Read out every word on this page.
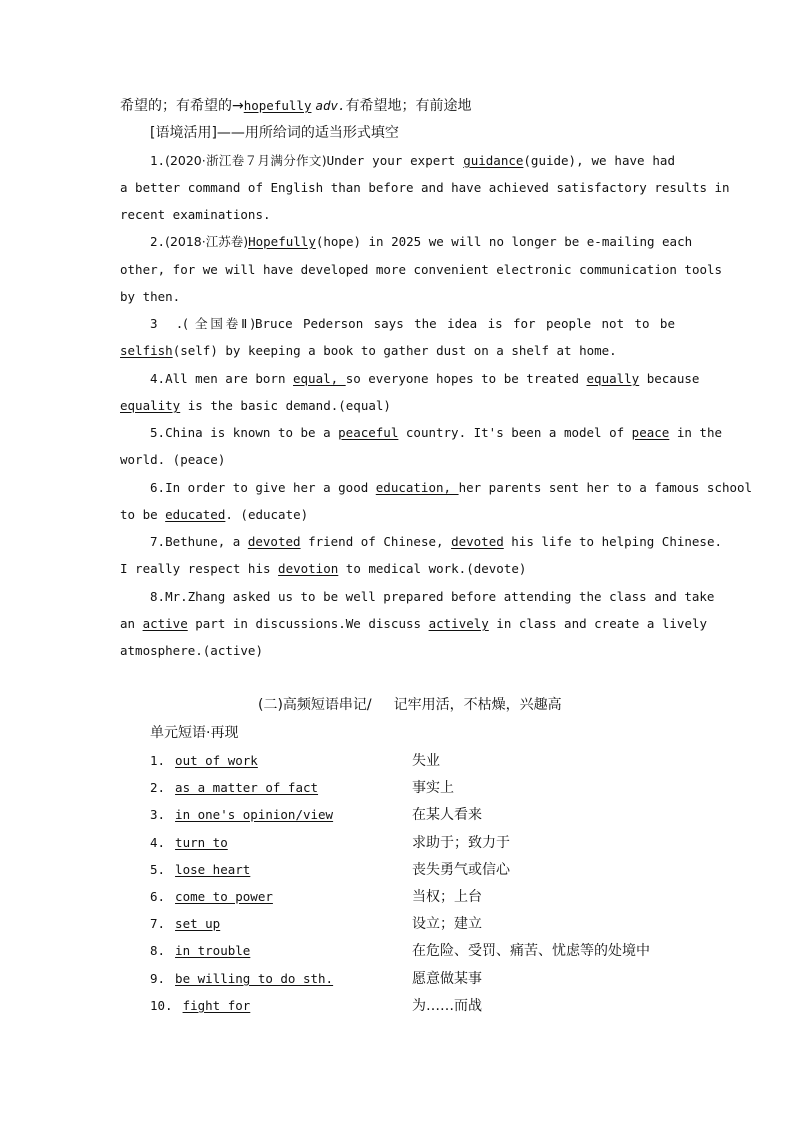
希望的；有希望的→hopefully adv.有希望地；有前途地
[语境活用]——用所给词的适当形式填空
1.(2020·浙江卷７月满分作文)Under your expert guidance(guide), we have had
a better command of English than before and have achieved satisfactory results in
recent examinations.
2.(2018·江苏卷)Hopefully(hope) in 2025 we will no longer be e-mailing each
other, for we will have developed more convenient electronic communication tools
by then.
3　.( 全国卷Ⅱ)Bruce Pederson says the idea is for people not to be
selfish(self) by keeping a book to gather dust on a shelf at home.
4.All men are born equal, so everyone hopes to be treated equally because
equality is the basic demand.(equal)
5.China is known to be a peaceful country. It's been a model of peace in the
world. (peace)
6.In order to give her a good education, her parents sent her to a famous school
to be educated. (educate)
7.Bethune, a devoted friend of Chinese, devoted his life to helping Chinese.
I really respect his devotion to medical work.(devote)
8.Mr.Zhang asked us to be well prepared before attending the class and take
an active part in discussions.We discuss actively in class and create a lively
atmosphere.(active)
(二)高频短语串记/ 记牢用活，不枯燥，兴趣高
单元短语·再现
1. out of work	失业
2. as a matter of fact	事实上
3. in one's opinion/view	在某人看来
4. turn to	求助于；致力于
5. lose heart	丧失勇气或信心
6. come to power	当权；上台
7. set up	设立；建立
8. in trouble	在危险、受罚、痛苦、忧虑等的处境中
9. be willing to do sth.	愿意做某事
10. fight for	为……而战
